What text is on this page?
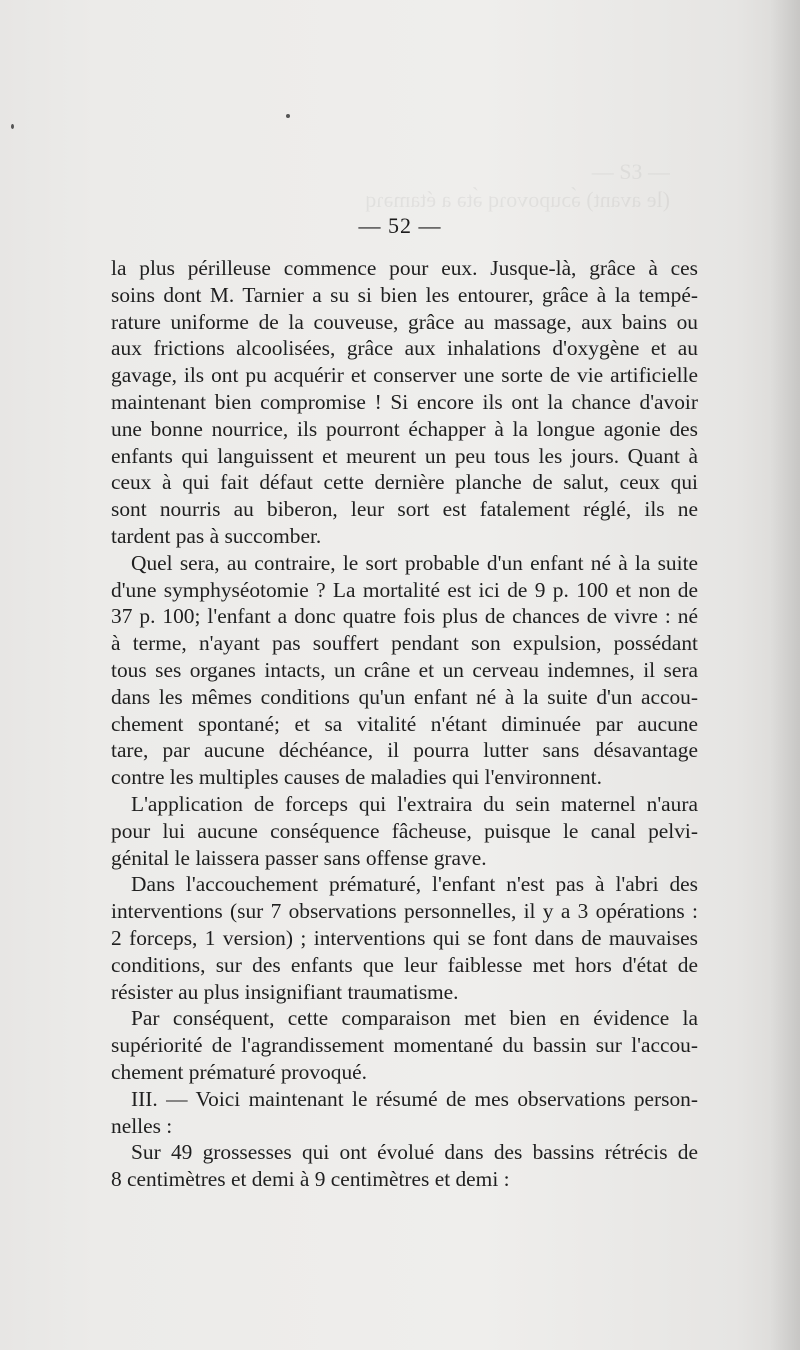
— ƐƧ —
(le avant) ǝ́ɔupovoɿq ǝ́tǝ a étamǝɿq
— 52 —
la plus périlleuse commence pour eux. Jusque-là, grâce à ces
soins dont M. Tarnier a su si bien les entourer, grâce à la tempé-
rature uniforme de la couveuse, grâce au massage, aux bains ou
aux frictions alcoolisées, grâce aux inhalations d'oxygène et au
gavage, ils ont pu acquérir et conserver une sorte de vie artificielle
maintenant bien compromise ! Si encore ils ont la chance d'avoir
une bonne nourrice, ils pourront échapper à la longue agonie des
enfants qui languissent et meurent un peu tous les jours. Quant à
ceux à qui fait défaut cette dernière planche de salut, ceux qui
sont nourris au biberon, leur sort est fatalement réglé, ils ne
tardent pas à succomber.
Quel sera, au contraire, le sort probable d'un enfant né à la suite
d'une symphyséotomie ? La mortalité est ici de 9 p. 100 et non de
37 p. 100; l'enfant a donc quatre fois plus de chances de vivre : né
à terme, n'ayant pas souffert pendant son expulsion, possédant
tous ses organes intacts, un crâne et un cerveau indemnes, il sera
dans les mêmes conditions qu'un enfant né à la suite d'un accou-
chement spontané; et sa vitalité n'étant diminuée par aucune
tare, par aucune déchéance, il pourra lutter sans désavantage
contre les multiples causes de maladies qui l'environnent.
L'application de forceps qui l'extraira du sein maternel n'aura
pour lui aucune conséquence fâcheuse, puisque le canal pelvi-
génital le laissera passer sans offense grave.
Dans l'accouchement prématuré, l'enfant n'est pas à l'abri des
interventions (sur 7 observations personnelles, il y a 3 opérations :
2 forceps, 1 version) ; interventions qui se font dans de mauvaises
conditions, sur des enfants que leur faiblesse met hors d'état de
résister au plus insignifiant traumatisme.
Par conséquent, cette comparaison met bien en évidence la
supériorité de l'agrandissement momentané du bassin sur l'accou-
chement prématuré provoqué.
III. — Voici maintenant le résumé de mes observations person-
nelles :
Sur 49 grossesses qui ont évolué dans des bassins rétrécis de
8 centimètres et demi à 9 centimètres et demi :
